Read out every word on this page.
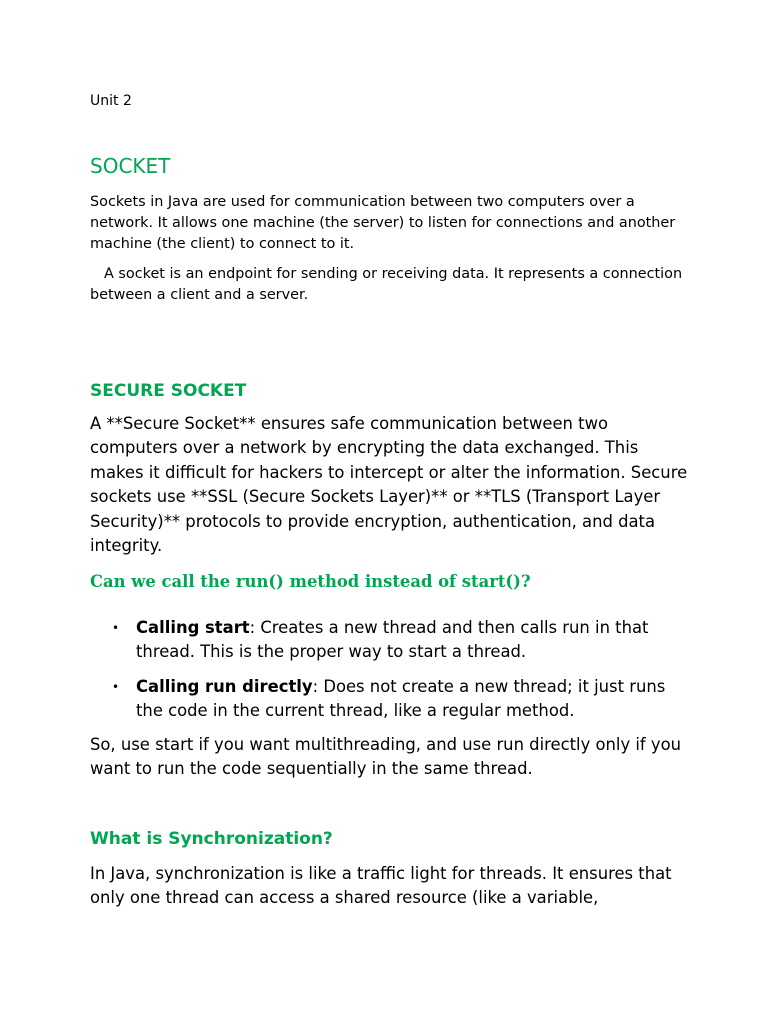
Unit 2
SOCKET

Sockets in Java are used for communication between two computers over a network. It allows one machine (the server) to listen for connections and another machine (the client) to connect to it.

A socket is an endpoint for sending or receiving data. It represents a connection between a client and a server.

SECURE SOCKET

A **Secure Socket** ensures safe communication between two computers over a network by encrypting the data exchanged. This makes it difficult for hackers to intercept or alter the information. Secure sockets use **SSL (Secure Sockets Layer)** or **TLS (Transport Layer Security)** protocols to provide encryption, authentication, and data integrity.

Can we call the run() method instead of start()?
• Calling start: Creates a new thread and then calls run in that thread. This is the proper way to start a thread.
• Calling run directly: Does not create a new thread; it just runs the code in the current thread, like a regular method.

So, use start if you want multithreading, and use run directly only if you want to run the code sequentially in the same thread.

What is Synchronization?

In Java, synchronization is like a traffic light for threads. It ensures that only one thread can access a shared resource (like a variable,
